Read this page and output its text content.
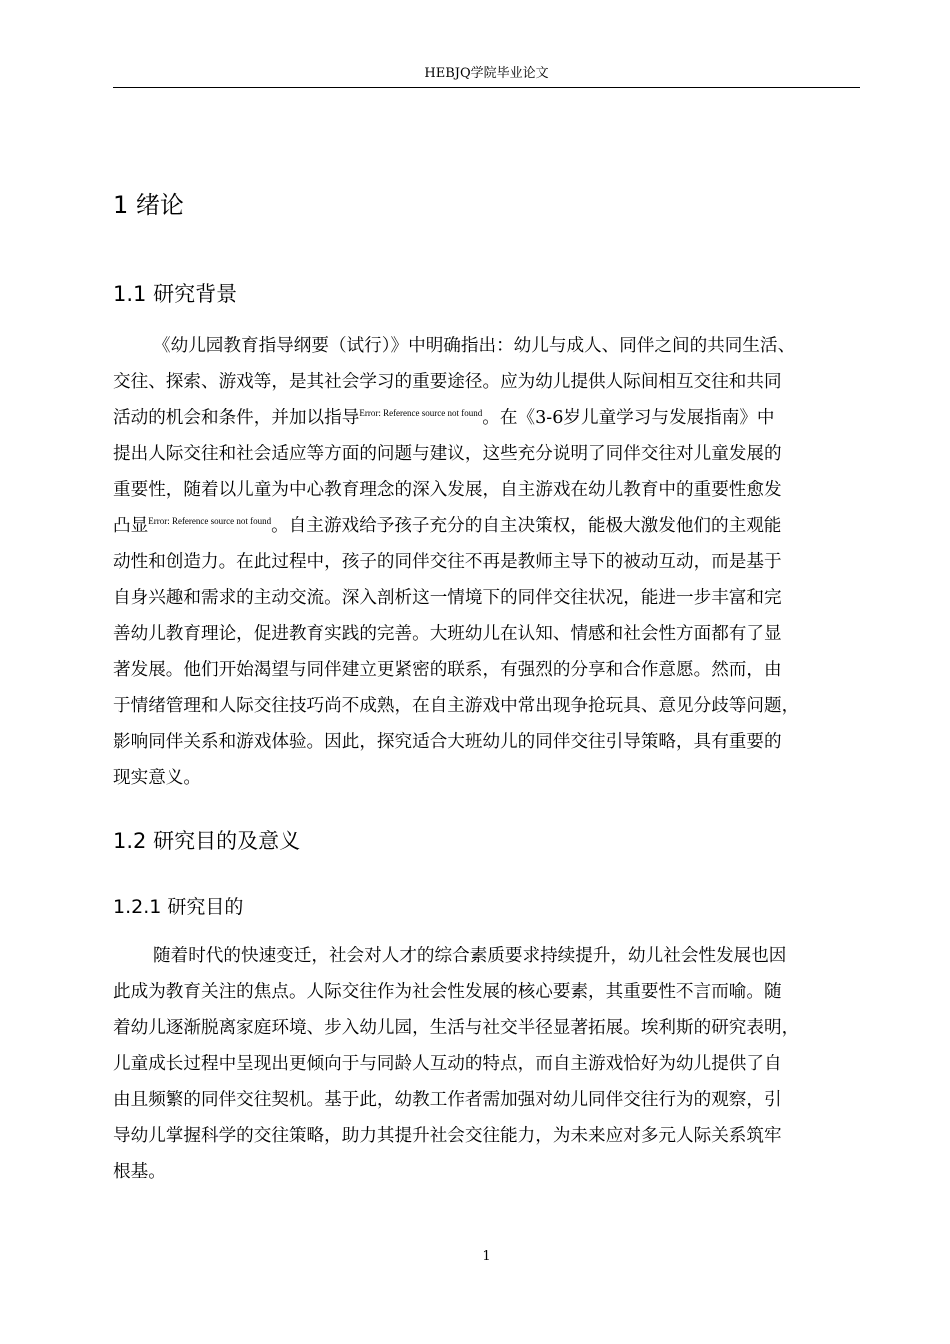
HEBJQ学院毕业论文
1 绪论
1.1 研究背景
《幼儿园教育指导纲要（试行）》中明确指出：幼儿与成人、同伴之间的共同生活、
交往、探索、游戏等，是其社会学习的重要途径。应为幼儿提供人际间相互交往和共同
活动的机会和条件，并加以指导$^{Error: Reference source not found}$。在《3-6岁儿童学习与发展指南》中
提出人际交往和社会适应等方面的问题与建议，这些充分说明了同伴交往对儿童发展的
重要性，随着以儿童为中心教育理念的深入发展，自主游戏在幼儿教育中的重要性愈发
凸显$^{Error: Reference source not found}$。自主游戏给予孩子充分的自主决策权，能极大激发他们的主观能
动性和创造力。在此过程中，孩子的同伴交往不再是教师主导下的被动互动，而是基于
自身兴趣和需求的主动交流。深入剖析这一情境下的同伴交往状况，能进一步丰富和完
善幼儿教育理论，促进教育实践的完善。大班幼儿在认知、情感和社会性方面都有了显
著发展。他们开始渴望与同伴建立更紧密的联系，有强烈的分享和合作意愿。然而，由
于情绪管理和人际交往技巧尚不成熟，在自主游戏中常出现争抢玩具、意见分歧等问题，
影响同伴关系和游戏体验。因此，探究适合大班幼儿的同伴交往引导策略，具有重要的
现实意义。
1.2 研究目的及意义
1.2.1 研究目的
随着时代的快速变迁，社会对人才的综合素质要求持续提升，幼儿社会性发展也因
此成为教育关注的焦点。人际交往作为社会性发展的核心要素，其重要性不言而喻。随
着幼儿逐渐脱离家庭环境、步入幼儿园，生活与社交半径显著拓展。埃利斯的研究表明，
儿童成长过程中呈现出更倾向于与同龄人互动的特点，而自主游戏恰好为幼儿提供了自
由且频繁的同伴交往契机。基于此，幼教工作者需加强对幼儿同伴交往行为的观察，引
导幼儿掌握科学的交往策略，助力其提升社会交往能力，为未来应对多元人际关系筑牢
根基。
1
